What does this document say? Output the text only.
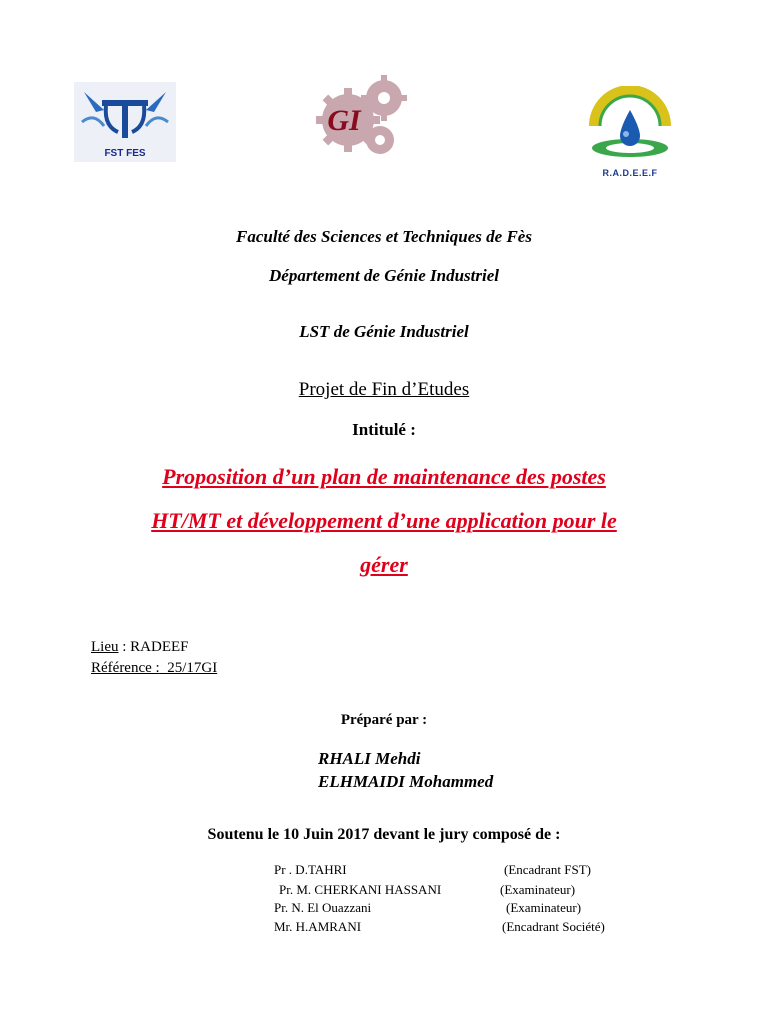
FST FES
GI
R.A.D.E.E.F
Faculté des Sciences et Techniques de Fès
Département de Génie Industriel
LST de Génie Industriel
Projet de Fin d’Etudes
Intitulé :
Proposition d’un plan de maintenance des postes
HT/MT et développement d’une application pour le
gérer
Lieu : RADEEF
Référence :  25/17GI
Préparé par :
RHALI Mehdi
ELHMAIDI Mohammed
Soutenu le 10 Juin 2017 devant le jury composé de :
Pr . D.TAHRI	(Encadrant FST)
Pr. M. CHERKANI HASSANI	(Examinateur)
Pr. N. El Ouazzani	(Examinateur)
Mr. H.AMRANI	(Encadrant Société)
